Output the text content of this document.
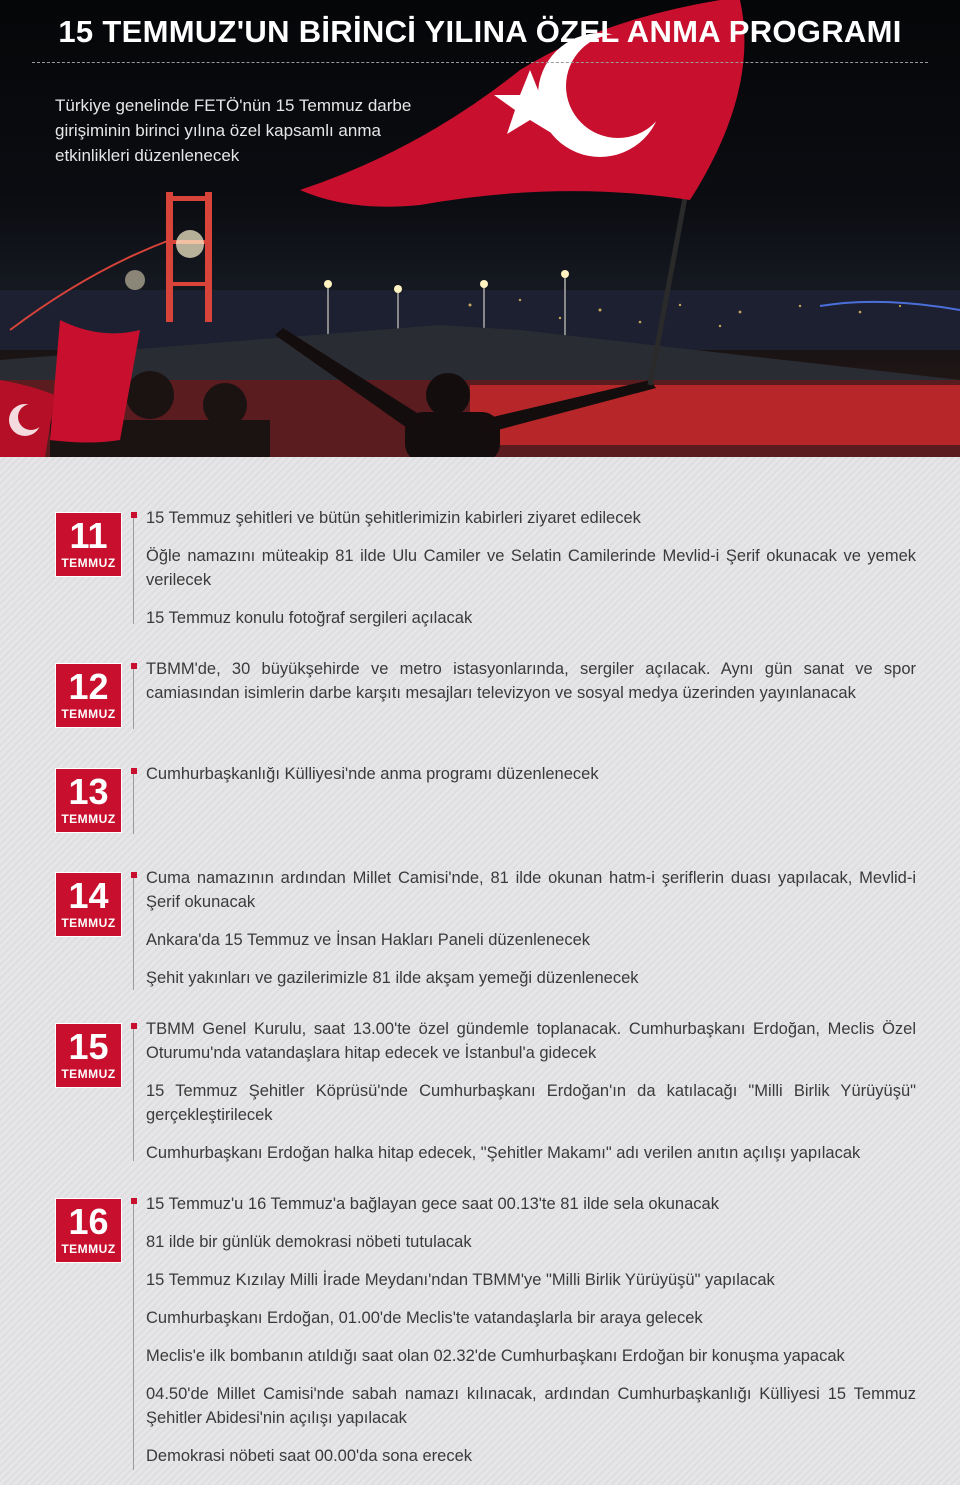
15 TEMMUZ'UN BİRİNCİ YILINA ÖZEL ANMA PROGRAMI
Türkiye genelinde FETÖ'nün 15 Temmuz darbe girişiminin birinci yılına özel kapsamlı anma etkinlikleri düzenlenecek
11
TEMMUZ
15 Temmuz şehitleri ve bütün şehitlerimizin kabirleri ziyaret edilecek
Öğle namazını müteakip 81 ilde Ulu Camiler ve Selatin Camilerinde Mevlid-i Şerif okunacak ve yemek verilecek
15 Temmuz konulu fotoğraf sergileri açılacak
12
TEMMUZ
TBMM'de, 30 büyükşehirde ve metro istasyonlarında, sergiler açılacak. Aynı gün sanat ve spor camiasından isimlerin darbe karşıtı mesajları televizyon ve sosyal medya üzerinden yayınlanacak
13
TEMMUZ
Cumhurbaşkanlığı Külliyesi'nde anma programı düzenlenecek
14
TEMMUZ
Cuma namazının ardından Millet Camisi'nde, 81 ilde okunan hatm-i şeriflerin duası yapılacak, Mevlid-i Şerif okunacak
Ankara'da 15 Temmuz ve İnsan Hakları Paneli düzenlenecek
Şehit yakınları ve gazilerimizle 81 ilde akşam yemeği düzenlenecek
15
TEMMUZ
TBMM Genel Kurulu, saat 13.00'te özel gündemle toplanacak. Cumhurbaşkanı Erdoğan, Meclis Özel Oturumu'nda vatandaşlara hitap edecek ve İstanbul'a gidecek
15 Temmuz Şehitler Köprüsü'nde Cumhurbaşkanı Erdoğan'ın da katılacağı "Milli Birlik Yürüyüşü" gerçekleştirilecek
Cumhurbaşkanı Erdoğan halka hitap edecek, "Şehitler Makamı" adı verilen anıtın açılışı yapılacak
16
TEMMUZ
15 Temmuz'u 16 Temmuz'a bağlayan gece saat 00.13'te 81 ilde sela okunacak
81 ilde bir günlük demokrasi nöbeti tutulacak
15 Temmuz Kızılay Milli İrade Meydanı'ndan TBMM'ye "Milli Birlik Yürüyüşü" yapılacak
Cumhurbaşkanı Erdoğan, 01.00'de Meclis'te vatandaşlarla bir araya gelecek
Meclis'e ilk bombanın atıldığı saat olan 02.32'de Cumhurbaşkanı Erdoğan bir konuşma yapacak
04.50'de Millet Camisi'nde sabah namazı kılınacak, ardından Cumhurbaşkanlığı Külliyesi 15 Temmuz Şehitler Abidesi'nin açılışı yapılacak
Demokrasi nöbeti saat 00.00'da sona erecek
